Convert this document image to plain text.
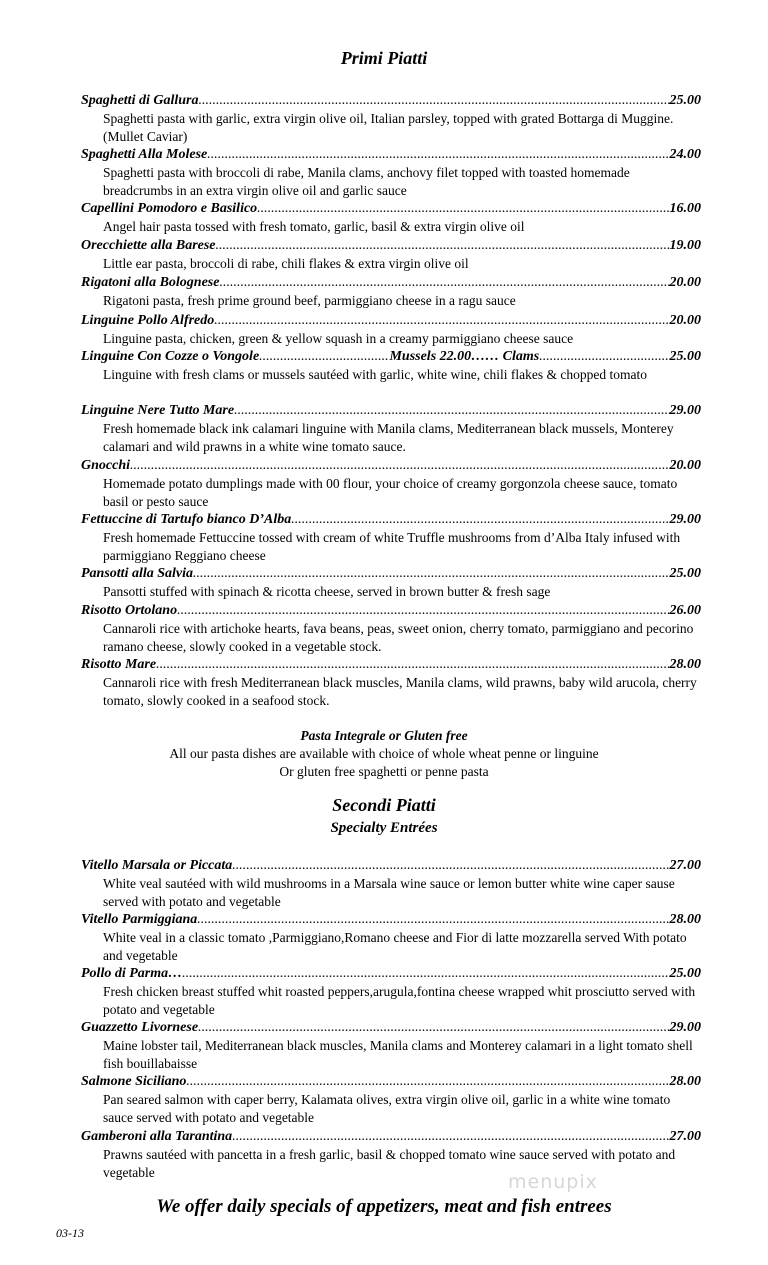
Primi Piatti
Spaghetti di Gallura .....	25.00
Spaghetti pasta with garlic, extra virgin olive oil, Italian parsley, topped with grated Bottarga di Muggine. (Mullet Caviar)
Spaghetti Alla Molese .....	24.00
Spaghetti pasta with broccoli di rabe, Manila clams, anchovy filet topped with toasted homemade breadcrumbs in an extra virgin olive oil and garlic sauce
Capellini Pomodoro e Basilico .....	16.00
Angel hair pasta tossed with fresh tomato, garlic, basil & extra virgin olive oil
Orecchiette alla Barese .....	19.00
Little ear pasta, broccoli di rabe, chili flakes & extra virgin olive oil
Rigatoni alla Bolognese .....	20.00
Rigatoni pasta, fresh prime ground beef, parmiggiano cheese in a ragu sauce
Linguine Pollo Alfredo .....	20.00
Linguine pasta, chicken, green & yellow squash in a creamy parmiggiano cheese sauce
Linguine Con Cozze o Vongole .....	Mussels 22.00…… Clams .....	25.00
Linguine with fresh clams or mussels sautéed with garlic, white wine, chili flakes & chopped tomato
Linguine Nere Tutto Mare .....	29.00
Fresh homemade black ink calamari linguine with Manila clams, Mediterranean black mussels, Monterey calamari and wild prawns in a white wine tomato sauce.
Gnocchi .....	20.00
Homemade potato dumplings made with 00 flour, your choice of creamy gorgonzola cheese sauce, tomato basil or pesto sauce
Fettuccine di Tartufo bianco D’Alba .....	29.00
Fresh homemade Fettuccine tossed with cream of white Truffle mushrooms from d’Alba Italy infused with parmiggiano Reggiano cheese
Pansotti alla Salvia .....	25.00
Pansotti stuffed with spinach & ricotta cheese, served in brown butter & fresh sage
Risotto Ortolano .....	26.00
Cannaroli rice with artichoke hearts, fava beans, peas, sweet onion, cherry tomato, parmiggiano and pecorino ramano cheese, slowly cooked in a vegetable stock.
Risotto Mare .....	28.00
Cannaroli rice with fresh Mediterranean black muscles, Manila clams, wild prawns, baby wild arucola, cherry tomato, slowly cooked in a seafood stock.
Pasta Integrale or Gluten free
All our pasta dishes are available with choice of whole wheat penne or linguine
Or gluten free spaghetti or penne pasta
Secondi Piatti
Specialty Entrées
Vitello Marsala or Piccata .....	27.00
White veal sautéed with wild mushrooms in a Marsala wine sauce or lemon butter white wine caper sause served with potato and vegetable
Vitello Parmiggiana .....	28.00
White veal in a classic tomato ,Parmiggiano,Romano cheese and Fior di latte mozzarella served With potato and vegetable
Pollo di Parma… .....	25.00
Fresh chicken breast stuffed whit roasted peppers,arugula,fontina cheese wrapped whit prosciutto served with potato and vegetable
Guazzetto Livornese .....	29.00
Maine lobster tail, Mediterranean black muscles, Manila clams and Monterey calamari in a light tomato shell fish bouillabaisse
Salmone Siciliano .....	28.00
Pan seared salmon with caper berry, Kalamata olives, extra virgin olive oil, garlic in a white wine tomato sauce served with potato and vegetable
Gamberoni alla Tarantina .....	27.00
Prawns sautéed with pancetta in a fresh garlic, basil & chopped tomato wine sauce served with potato and vegetable	menupix
We offer daily specials of appetizers, meat and fish entrees
03-13
